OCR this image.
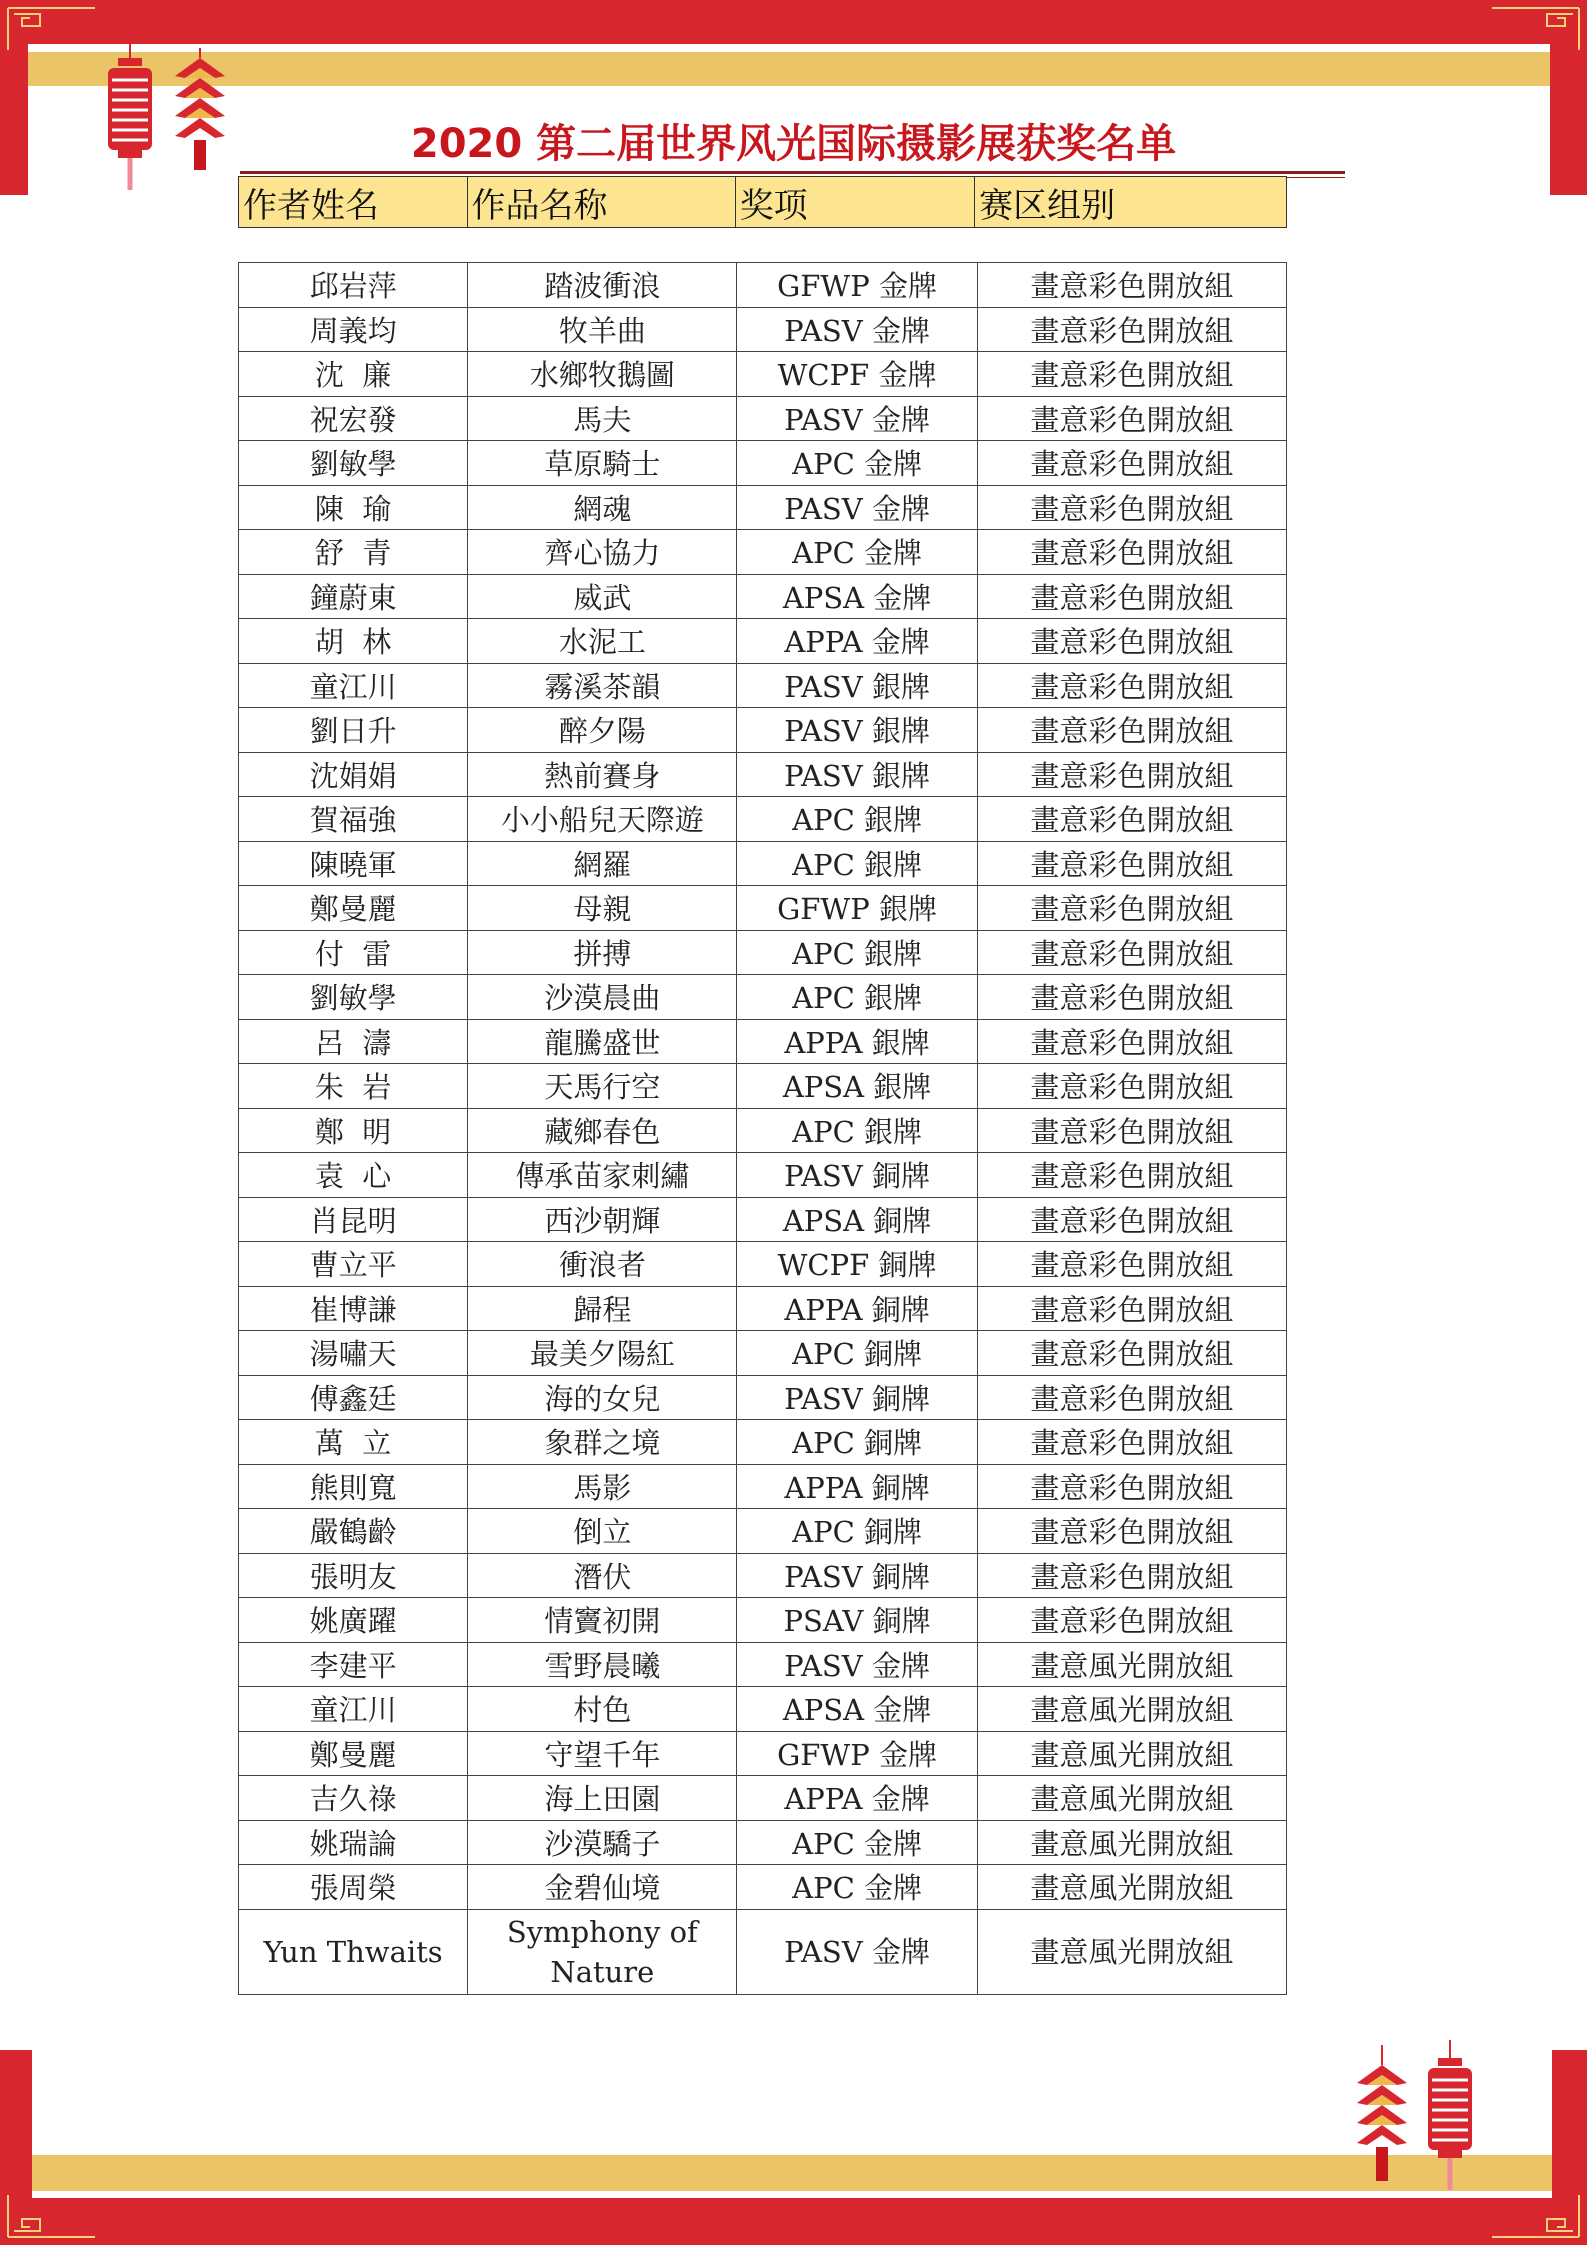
2020 第二届世界风光国际摄影展获奖名单
作者姓名	作品名称	奖项	赛区组别
邱岩萍	踏波衝浪	GFWP 金牌	畫意彩色開放組
周義均	牧羊曲	PASV 金牌	畫意彩色開放組
沈  廉	水鄉牧鵝圖	WCPF 金牌	畫意彩色開放組
祝宏發	馬夫	PASV 金牌	畫意彩色開放組
劉敏學	草原騎士	APC 金牌	畫意彩色開放組
陳  瑜	網魂	PASV 金牌	畫意彩色開放組
舒  青	齊心協力	APC 金牌	畫意彩色開放組
鐘蔚東	威武	APSA 金牌	畫意彩色開放組
胡  林	水泥工	APPA 金牌	畫意彩色開放組
童江川	霧溪茶韻	PASV 銀牌	畫意彩色開放組
劉日升	醉夕陽	PASV 銀牌	畫意彩色開放組
沈娟娟	熱前賽身	PASV 銀牌	畫意彩色開放組
賀福強	小小船兒天際遊	APC 銀牌	畫意彩色開放組
陳曉軍	網羅	APC 銀牌	畫意彩色開放組
鄭曼麗	母親	GFWP 銀牌	畫意彩色開放組
付  雷	拼搏	APC 銀牌	畫意彩色開放組
劉敏學	沙漠晨曲	APC 銀牌	畫意彩色開放組
呂  濤	龍騰盛世	APPA 銀牌	畫意彩色開放組
朱  岩	天馬行空	APSA 銀牌	畫意彩色開放組
鄭  明	藏鄉春色	APC 銀牌	畫意彩色開放組
袁  心	傳承苗家刺繡	PASV 銅牌	畫意彩色開放組
肖昆明	西沙朝輝	APSA 銅牌	畫意彩色開放組
曹立平	衝浪者	WCPF 銅牌	畫意彩色開放組
崔博謙	歸程	APPA 銅牌	畫意彩色開放組
湯嘯天	最美夕陽紅	APC 銅牌	畫意彩色開放組
傅鑫廷	海的女兒	PASV 銅牌	畫意彩色開放組
萬  立	象群之境	APC 銅牌	畫意彩色開放組
熊則寬	馬影	APPA 銅牌	畫意彩色開放組
嚴鶴齡	倒立	APC 銅牌	畫意彩色開放組
張明友	潛伏	PASV 銅牌	畫意彩色開放組
姚廣躍	情竇初開	PSAV 銅牌	畫意彩色開放組
李建平	雪野晨曦	PASV 金牌	畫意風光開放組
童江川	村色	APSA 金牌	畫意風光開放組
鄭曼麗	守望千年	GFWP 金牌	畫意風光開放組
吉久祿	海上田園	APPA 金牌	畫意風光開放組
姚瑞論	沙漠驕子	APC 金牌	畫意風光開放組
張周榮	金碧仙境	APC 金牌	畫意風光開放組
Yun Thwaits	Symphony of Nature	PASV 金牌	畫意風光開放組
